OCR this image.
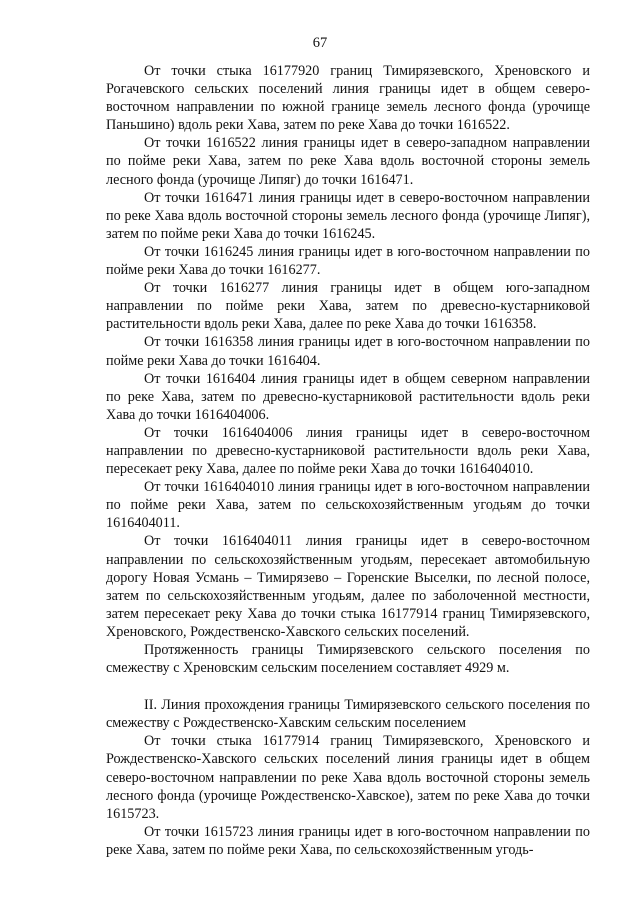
67

От точки стыка 16177920 границ Тимирязевского, Хреновского и Рогачевского сельских поселений линия границы идет в общем северо-восточном направлении по южной границе земель лесного фонда (урочище Паньшино) вдоль реки Хава, затем по реке Хава до точки 1616522.

От точки 1616522 линия границы идет в северо-западном направлении по пойме реки Хава, затем по реке Хава вдоль восточной стороны земель лесного фонда (урочище Липяг) до точки 1616471.

От точки 1616471 линия границы идет в северо-восточном направлении по реке Хава вдоль восточной стороны земель лесного фонда (урочище Липяг), затем по пойме реки Хава до точки 1616245.

От точки 1616245 линия границы идет в юго-восточном направлении по пойме реки Хава до точки 1616277.

От точки 1616277 линия границы идет в общем юго-западном направлении по пойме реки Хава, затем по древесно-кустарниковой растительности вдоль реки Хава, далее по реке Хава до точки 1616358.

От точки 1616358 линия границы идет в юго-восточном направлении по пойме реки Хава до точки 1616404.

От точки 1616404 линия границы идет в общем северном направлении по реке Хава, затем по древесно-кустарниковой растительности вдоль реки Хава до точки 1616404006.

От точки 1616404006 линия границы идет в северо-восточном направлении по древесно-кустарниковой растительности вдоль реки Хава, пересекает реку Хава, далее по пойме реки Хава до точки 1616404010.

От точки 1616404010 линия границы идет в юго-восточном направлении по пойме реки Хава, затем по сельскохозяйственным угодьям до точки 1616404011.

От точки 1616404011 линия границы идет в северо-восточном направлении по сельскохозяйственным угодьям, пересекает автомобильную дорогу Новая Усмань – Тимирязево – Горенские Выселки, по лесной полосе, затем по сельскохозяйственным угодьям, далее по заболоченной местности, затем пересекает реку Хава до точки стыка 16177914 границ Тимирязевского, Хреновского, Рождественско-Хавского сельских поселений.

Протяженность границы Тимирязевского сельского поселения по смежеству с Хреновским сельским поселением составляет 4929 м.

II. Линия прохождения границы Тимирязевского сельского поселения по смежеству с Рождественско-Хавским сельским поселением

От точки стыка 16177914 границ Тимирязевского, Хреновского и Рождественско-Хавского сельских поселений линия границы идет в общем северо-восточном направлении по реке Хава вдоль восточной стороны земель лесного фонда (урочище Рождественско-Хавское), затем по реке Хава до точки 1615723.

От точки 1615723 линия границы идет в юго-восточном направлении по реке Хава, затем по пойме реки Хава, по сельскохозяйственным угодь-
